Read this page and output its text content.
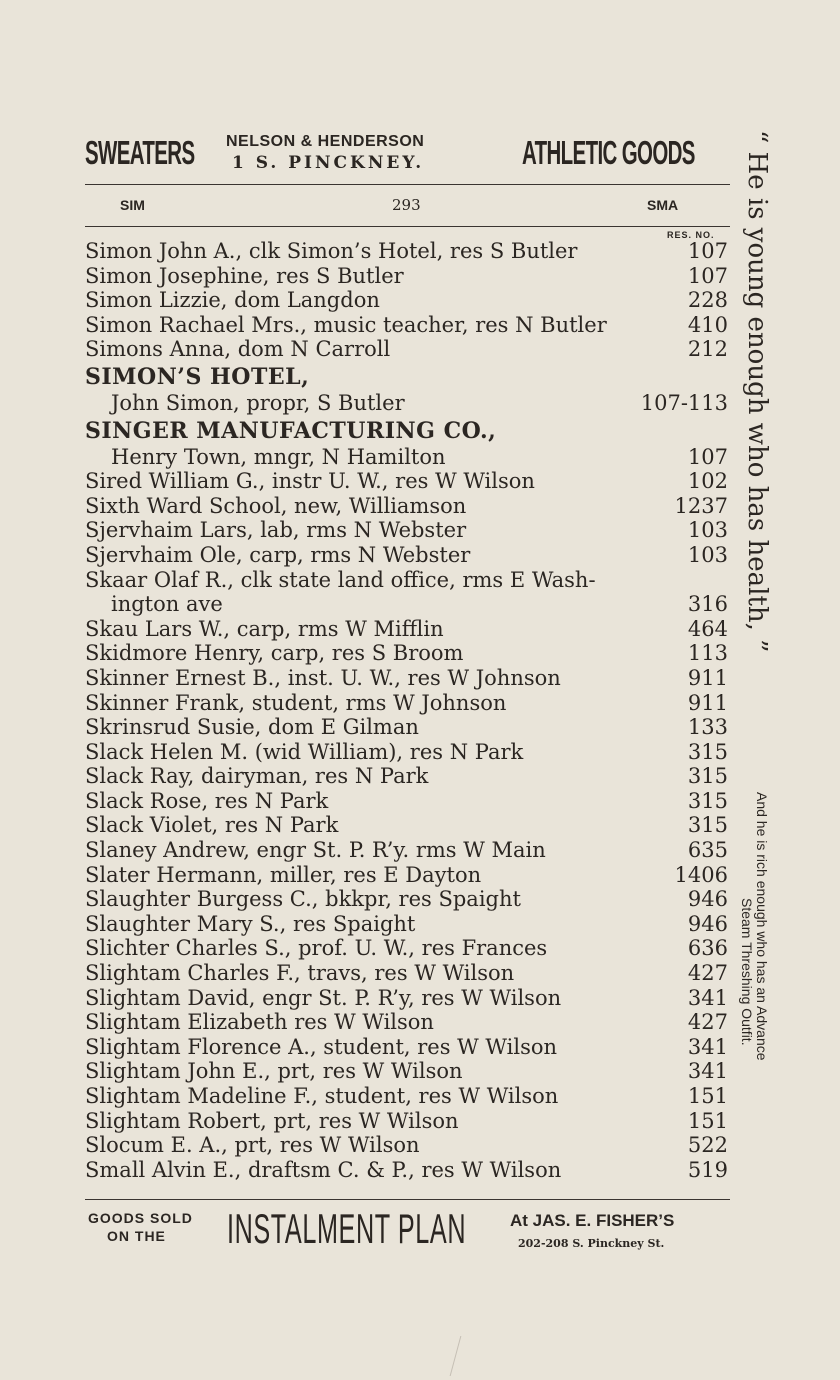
SWEATERS NELSON & HENDERSON
1 S. PINCKNEY.	ATHLETIC GOODS
SIM	293	SMA
RES. NO.
Simon John A., clk Simon’s Hotel, res S Butler	107
Simon Josephine, res S Butler	107
Simon Lizzie, dom Langdon	228
Simon Rachael Mrs., music teacher, res N Butler	410
Simons Anna, dom N Carroll	212
SIMON’S HOTEL,
John Simon, propr, S Butler	107-113
SINGER MANUFACTURING CO.,
Henry Town, mngr, N Hamilton	107
Sired William G., instr U. W., res W Wilson	102
Sixth Ward School, new, Williamson	1237
Sjervhaim Lars, lab, rms N Webster	103
Sjervhaim Ole, carp, rms N Webster	103
Skaar Olaf R., clk state land office, rms E Wash-
ington ave	316
Skau Lars W., carp, rms W Mifflin	464
Skidmore Henry, carp, res S Broom	113
Skinner Ernest B., inst. U. W., res W Johnson	911
Skinner Frank, student, rms W Johnson	911
Skrinsrud Susie, dom E Gilman	133
Slack Helen M. (wid William), res N Park	315
Slack Ray, dairyman, res N Park	315
Slack Rose, res N Park	315
Slack Violet, res N Park	315
Slaney Andrew, engr St. P. R’y. rms W Main	635
Slater Hermann, miller, res E Dayton	1406
Slaughter Burgess C., bkkpr, res Spaight	946
Slaughter Mary S., res Spaight	946
Slichter Charles S., prof. U. W., res Frances	636
Slightam Charles F., travs, res W Wilson	427
Slightam David, engr St. P. R’y, res W Wilson	341
Slightam Elizabeth res W Wilson	427
Slightam Florence A., student, res W Wilson	341
Slightam John E., prt, res W Wilson	341
Slightam Madeline F., student, res W Wilson	151
Slightam Robert, prt, res W Wilson	151
Slocum E. A., prt, res W Wilson	522
Small Alvin E., draftsm C. & P., res W Wilson	519
“ He is young enough who has health, ”
And he is rich enough who has an Advance
Steam Threshing Outfit.
GOODS SOLD
ON THE INSTALMENT PLAN	At JAS. E. FISHER’S
202-208 S. Pinckney St.
